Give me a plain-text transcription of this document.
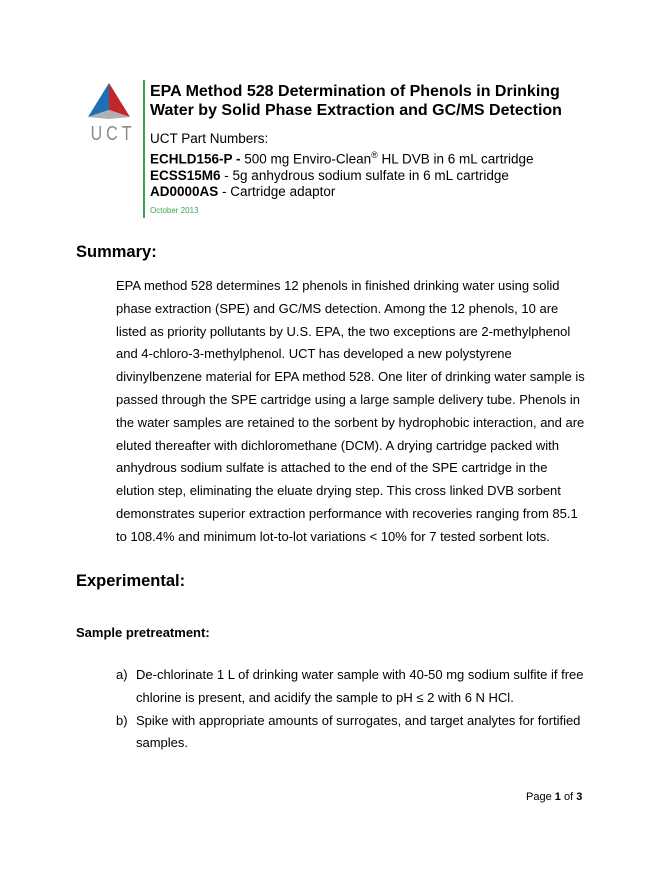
UCT
EPA Method 528 Determination of Phenols in Drinking Water by Solid Phase Extraction and GC/MS Detection
UCT Part Numbers:
ECHLD156-P - 500 mg Enviro-Clean® HL DVB in 6 mL cartridge
ECSS15M6 - 5g anhydrous sodium sulfate in 6 mL cartridge
AD0000AS - Cartridge adaptor
October 2013
Summary:
EPA method 528 determines 12 phenols in finished drinking water using solid phase extraction (SPE) and GC/MS detection. Among the 12 phenols, 10 are listed as priority pollutants by U.S. EPA, the two exceptions are 2-methylphenol and 4-chloro-3-methylphenol. UCT has developed a new polystyrene divinylbenzene material for EPA method 528. One liter of drinking water sample is passed through the SPE cartridge using a large sample delivery tube. Phenols in the water samples are retained to the sorbent by hydrophobic interaction, and are eluted thereafter with dichloromethane (DCM). A drying cartridge packed with anhydrous sodium sulfate is attached to the end of the SPE cartridge in the elution step, eliminating the eluate drying step. This cross linked DVB sorbent demonstrates superior extraction performance with recoveries ranging from 85.1 to 108.4% and minimum lot-to-lot variations < 10% for 7 tested sorbent lots.
Experimental:
Sample pretreatment:
a) De-chlorinate 1 L of drinking water sample with 40-50 mg sodium sulfite if free chlorine is present, and acidify the sample to pH ≤ 2 with 6 N HCl.
b) Spike with appropriate amounts of surrogates, and target analytes for fortified samples.
Page 1 of 3
